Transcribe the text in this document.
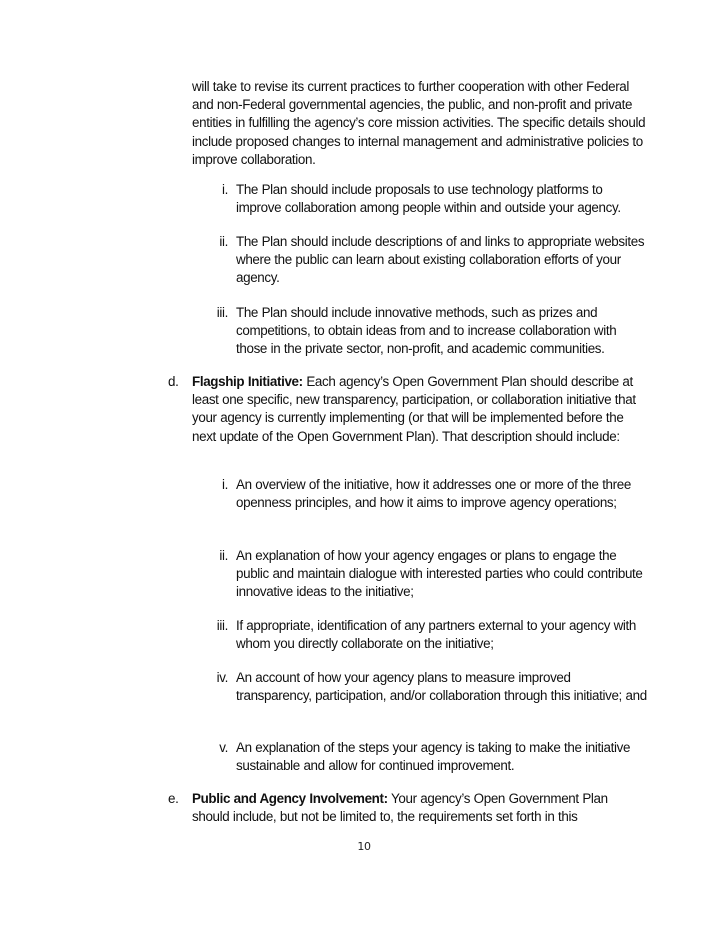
will take to revise its current practices to further cooperation with other Federal and non-Federal governmental agencies, the public, and non-profit and private entities in fulfilling the agency’s core mission activities. The specific details should include proposed changes to internal management and administrative policies to improve collaboration.

i. The Plan should include proposals to use technology platforms to improve collaboration among people within and outside your agency.
ii. The Plan should include descriptions of and links to appropriate websites where the public can learn about existing collaboration efforts of your agency.
iii. The Plan should include innovative methods, such as prizes and competitions, to obtain ideas from and to increase collaboration with those in the private sector, non-profit, and academic communities.
d. Flagship Initiative: Each agency’s Open Government Plan should describe at least one specific, new transparency, participation, or collaboration initiative that your agency is currently implementing (or that will be implemented before the next update of the Open Government Plan). That description should include:
i. An overview of the initiative, how it addresses one or more of the three openness principles, and how it aims to improve agency operations;
ii. An explanation of how your agency engages or plans to engage the public and maintain dialogue with interested parties who could contribute innovative ideas to the initiative;
iii. If appropriate, identification of any partners external to your agency with whom you directly collaborate on the initiative;
iv. An account of how your agency plans to measure improved transparency, participation, and/or collaboration through this initiative; and
v. An explanation of the steps your agency is taking to make the initiative sustainable and allow for continued improvement.
e. Public and Agency Involvement: Your agency’s Open Government Plan should include, but not be limited to, the requirements set forth in this
10
